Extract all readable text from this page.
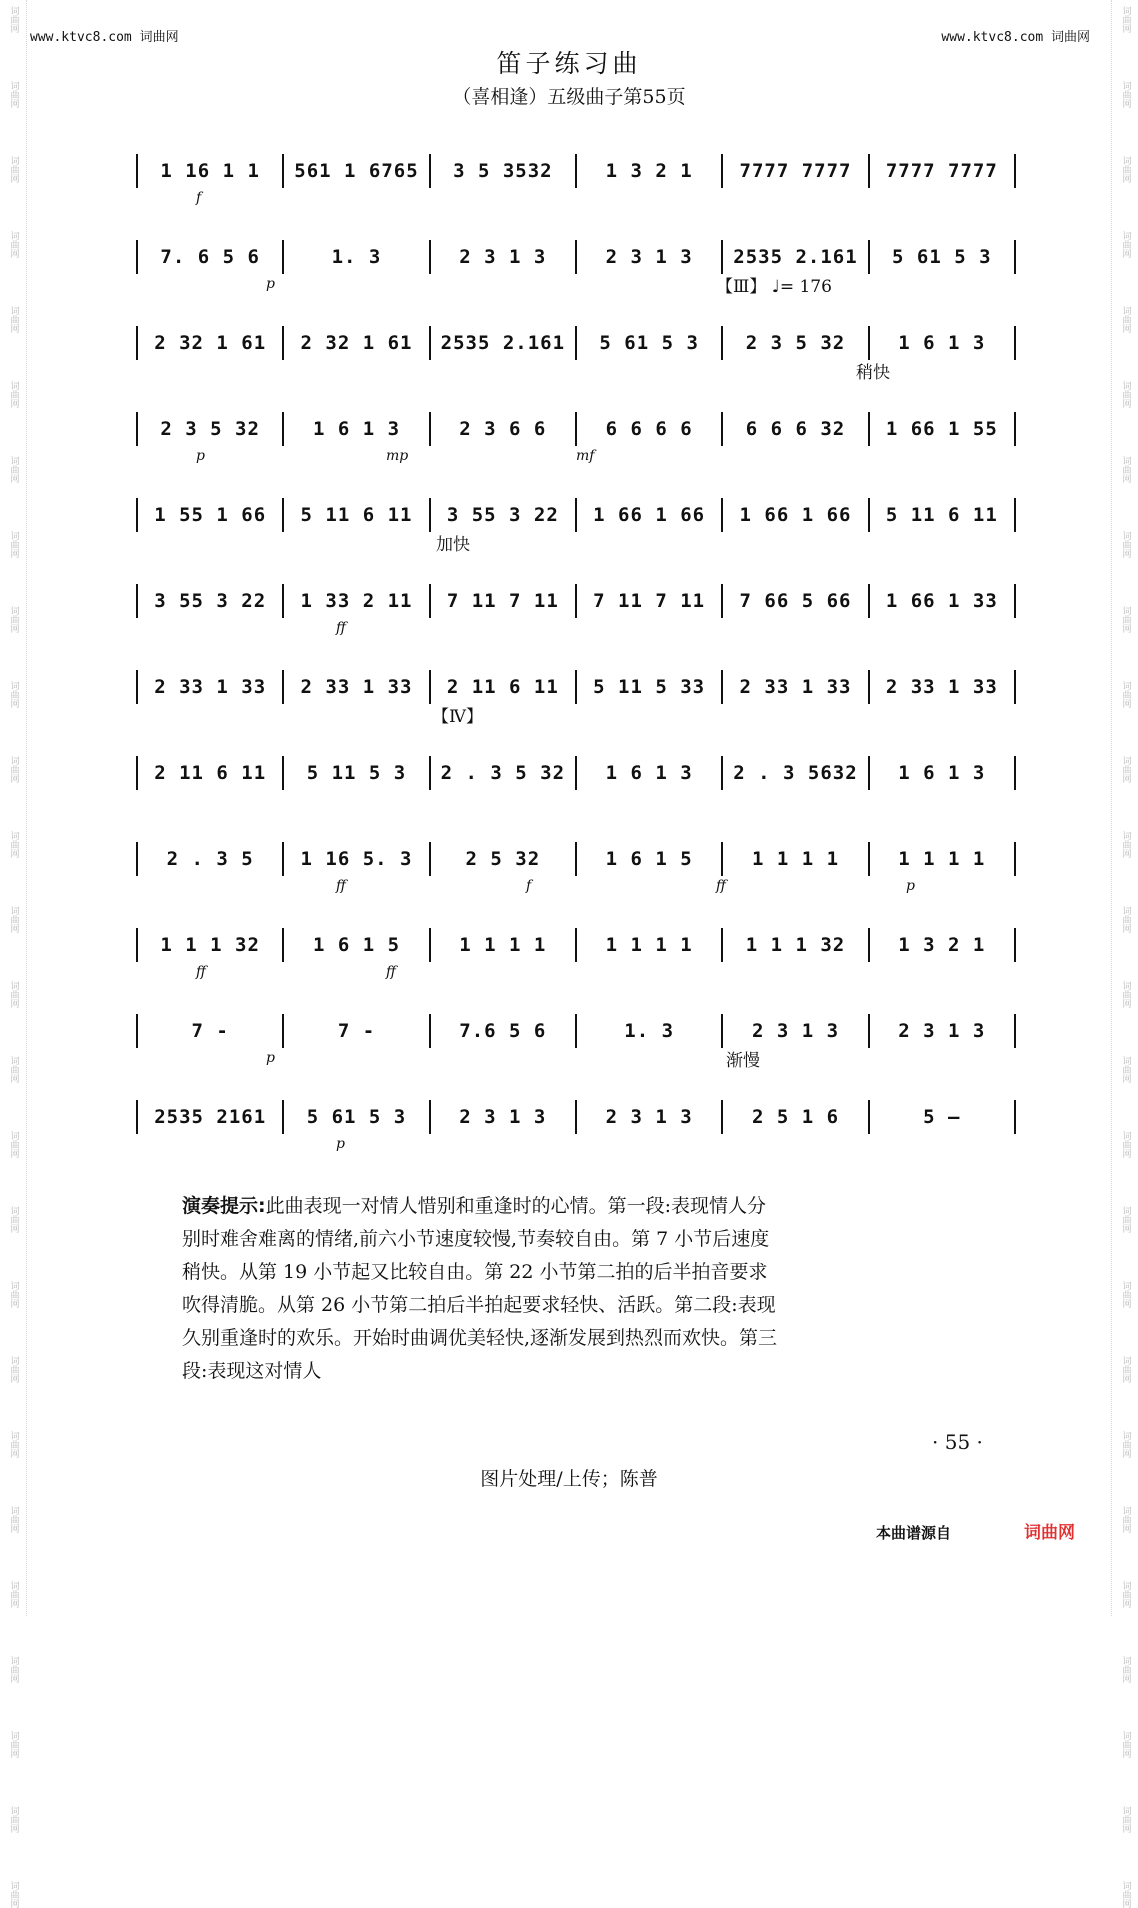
词曲网
词曲网
词曲网
词曲网
词曲网
词曲网
词曲网
词曲网
词曲网
词曲网
词曲网
词曲网
词曲网
词曲网
词曲网
词曲网
词曲网
词曲网
词曲网
词曲网
词曲网
词曲网
词曲网
词曲网
词曲网
词曲网
词曲网
词曲网
词曲网
词曲网
词曲网
词曲网
词曲网
词曲网
词曲网
词曲网
词曲网
词曲网
词曲网
词曲网
词曲网
词曲网
词曲网
词曲网
词曲网
词曲网
词曲网
词曲网
词曲网
词曲网
词曲网
词曲网
www.ktvc8.com 词曲网	www.ktvc8.com 词曲网
笛子练习曲
（喜相逢）五级曲子第55页
1 16 1 1	561 1 6765	3 5 3532	1 3 2 1	7777 7777	7777 7777
f
7. 6 5 6	1. 3	2 3 1 3	2 3 1 3	2535 2.161	5 61 5 3
p	【Ⅲ】 ♩= 176
2 32 1 61	2 32 1 61	2535 2.161	5 61 5 3	2 3 5 32	1 6 1 3
稍快
2 3 5 32	1 6 1 3	2 3 6 6	6 6 6 6	6 6 6 32	1 66 1 55
p	mp	mf
1 55 1 66	5 11 6 11	3 55 3 22	1 66 1 66	1 66 1 66	5 11 6 11
加快
3 55 3 22	1 33 2 11	7 11 7 11	7 11 7 11	7 66 5 66	1 66 1 33
ff
2 33 1 33	2 33 1 33	2 11 6 11	5 11 5 33	2 33 1 33	2 33 1 33
【Ⅳ】
2 11 6 11	5 11 5 3	2 . 3 5 32	1 6 1 3	2 . 3 5632	1 6 1 3
2 . 3 5	1 16 5. 3	2 5 32	1 6 1 5	1 1 1 1	1 1 1 1
ff	f	ff	p
1 1 1 32	1 6 1 5	1 1 1 1	1 1 1 1	1 1 1 32	1 3 2 1
ff	ff
7 -	7 -	7.6 5 6	1. 3	2 3 1 3	2 3 1 3
p	渐慢
2535 2161	5 61 5 3	2 3 1 3	2 3 1 3	2 5 1 6	5 –
p
演奏提示:此曲表现一对情人惜别和重逢时的心情。第一段:表现情人分别时难舍难离的情绪,前六小节速度较慢,节奏较自由。第 7 小节后速度稍快。从第 19 小节起又比较自由。第 22 小节第二拍的后半拍音要求吹得清脆。从第 26 小节第二拍后半拍起要求轻快、活跃。第二段:表现久别重逢时的欢乐。开始时曲调优美轻快,逐渐发展到热烈而欢快。第三段:表现这对情人
· 55 ·
图片处理/上传；陈普
本曲谱源自	词曲网
